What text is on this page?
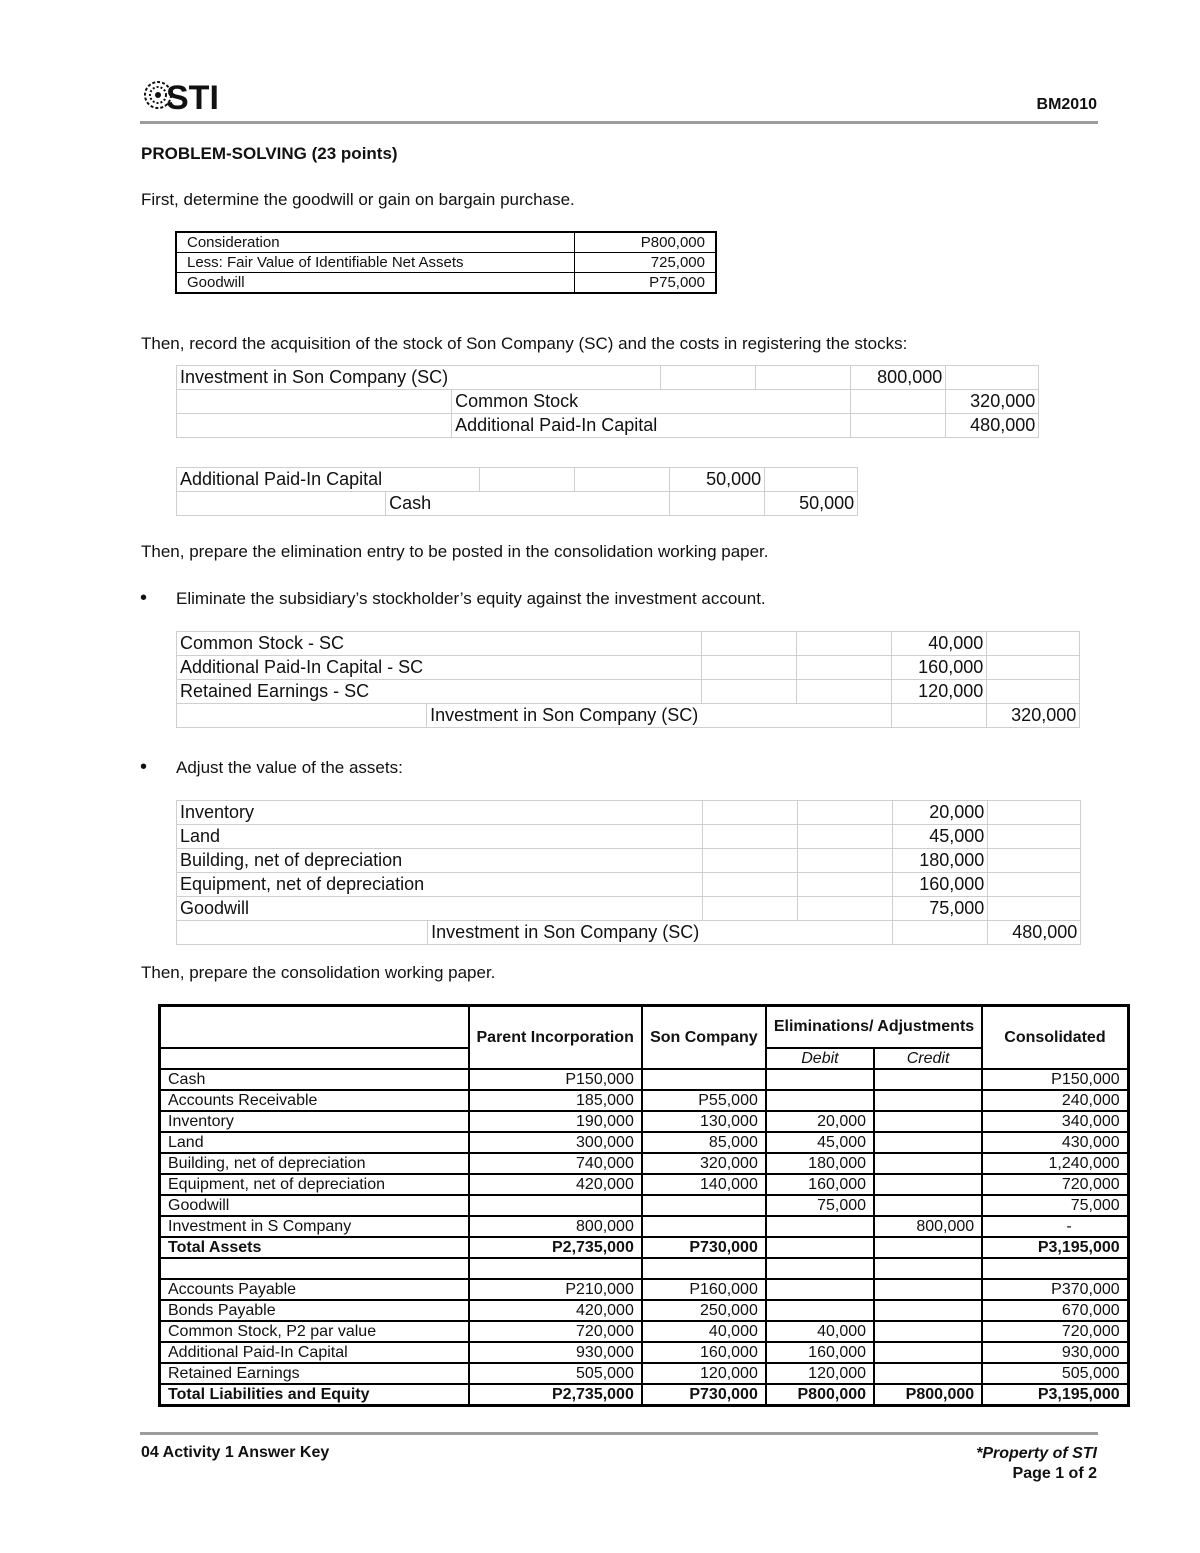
STI	BM2010
PROBLEM-SOLVING (23 points)
First, determine the goodwill or gain on bargain purchase.
Consideration	P800,000
Less: Fair Value of Identifiable Net Assets	725,000
Goodwill	P75,000
Then, record the acquisition of the stock of Son Company (SC) and the costs in registering the stocks:
Investment in Son Company (SC)				800,000	
	Common Stock				320,000
	Additional Paid-In Capital				480,000
Additional Paid-In Capital				50,000	
	Cash				50,000
Then, prepare the elimination entry to be posted in the consolidation working paper.
• Eliminate the subsidiary’s stockholder’s equity against the investment account.
Common Stock - SC				40,000	
Additional Paid-In Capital - SC				160,000	
Retained Earnings - SC				120,000	
	Investment in Son Company (SC)				320,000
• Adjust the value of the assets:
Inventory				20,000	
Land				45,000	
Building, net of depreciation				180,000	
Equipment, net of depreciation				160,000	
Goodwill				75,000	
	Investment in Son Company (SC)				480,000
Then, prepare the consolidation working paper.
	Parent Incorporation	Son Company	Eliminations/ Adjustments		Consolidated
			Debit	Credit	
Cash	P150,000				P150,000
Accounts Receivable	185,000	P55,000			240,000
Inventory	190,000	130,000	20,000		340,000
Land	300,000	85,000	45,000		430,000
Building, net of depreciation	740,000	320,000	180,000		1,240,000
Equipment, net of depreciation	420,000	140,000	160,000		720,000
Goodwill			75,000		75,000
Investment in S Company	800,000			800,000	-
Total Assets	P2,735,000	P730,000			P3,195,000

Accounts Payable	P210,000	P160,000			P370,000
Bonds Payable	420,000	250,000			670,000
Common Stock, P2 par value	720,000	40,000	40,000		720,000
Additional Paid-In Capital	930,000	160,000	160,000		930,000
Retained Earnings	505,000	120,000	120,000		505,000
Total Liabilities and Equity	P2,735,000	P730,000	P800,000	P800,000	P3,195,000
04 Activity 1 Answer Key	*Property of STI
Page 1 of 2
